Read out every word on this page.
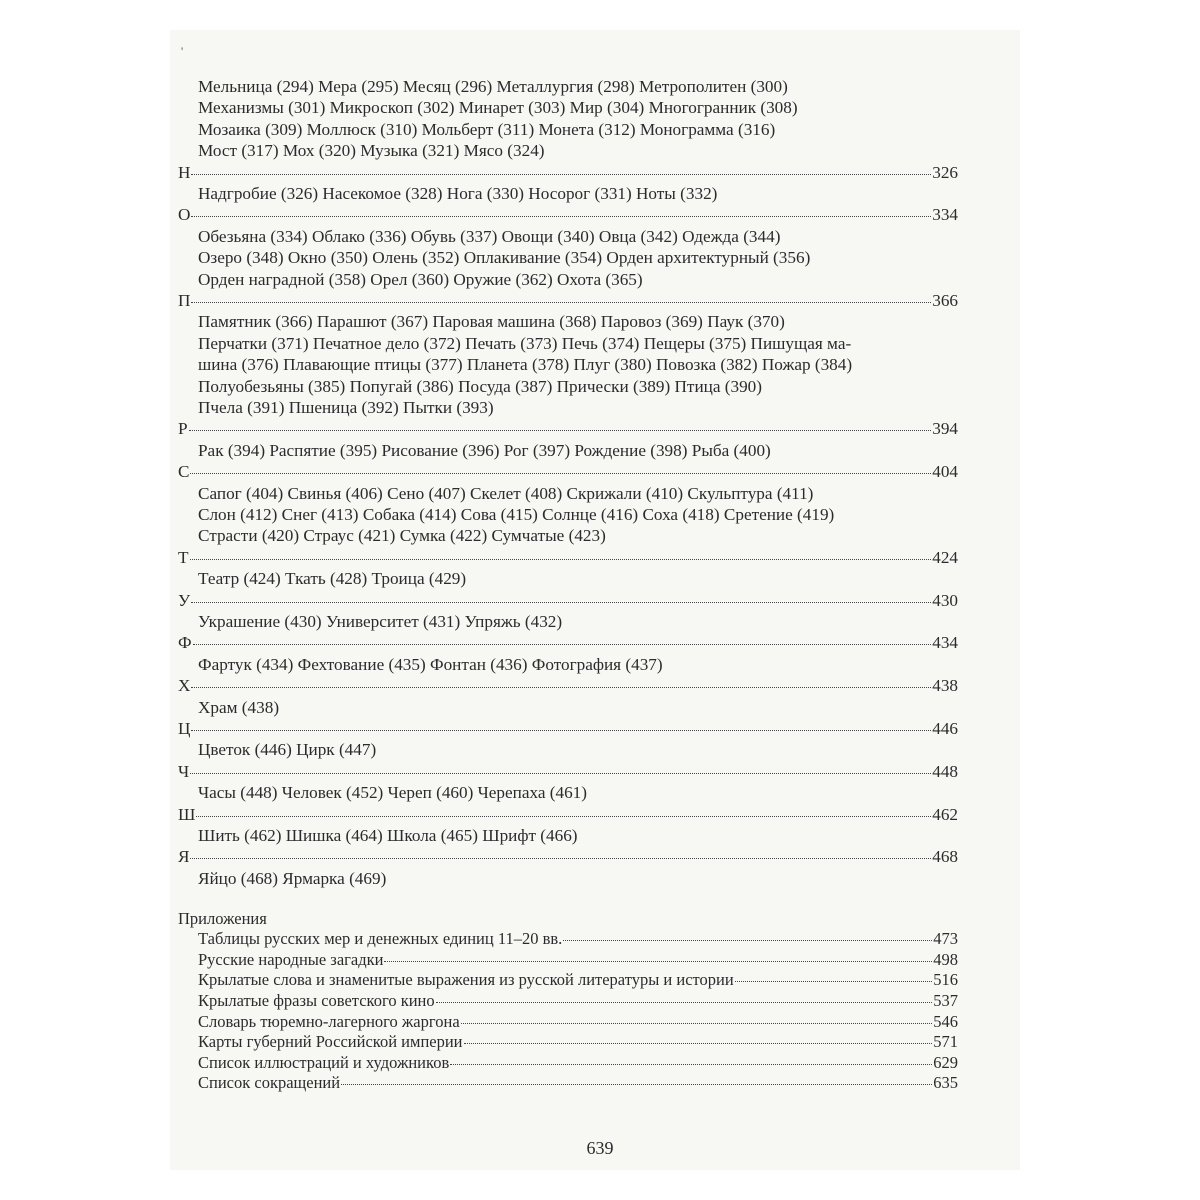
'
Мельница (294) Мера (295) Месяц (296) Металлургия (298) Метрополитен (300)
Механизмы (301) Микроскоп (302) Минарет (303) Мир (304) Многогранник (308)
Мозаика (309) Моллюск (310) Мольберт (311) Монета (312) Монограмма (316)
Мост (317) Мох (320) Музыка (321) Мясо (324)
Н	326
Надгробие (326) Насекомое (328) Нога (330) Носорог (331) Ноты (332)
О	334
Обезьяна (334) Облако (336) Обувь (337) Овощи (340) Овца (342) Одежда (344)
Озеро (348) Окно (350) Олень (352) Оплакивание (354) Орден архитектурный (356)
Орден наградной (358) Орел (360) Оружие (362) Охота (365)
П	366
Памятник (366) Парашют (367) Паровая машина (368) Паровоз (369) Паук (370)
Перчатки (371) Печатное дело (372) Печать (373) Печь (374) Пещеры (375) Пишущая ма-
шина (376) Плавающие птицы (377) Планета (378) Плуг (380) Повозка (382) Пожар (384)
Полуобезьяны (385) Попугай (386) Посуда (387) Прически (389) Птица (390)
Пчела (391) Пшеница (392) Пытки (393)
Р	394
Рак (394) Распятие (395) Рисование (396) Рог (397) Рождение (398) Рыба (400)
С	404
Сапог (404) Свинья (406) Сено (407) Скелет (408) Скрижали (410) Скульптура (411)
Слон (412) Снег (413) Собака (414) Сова (415) Солнце (416) Соха (418) Сретение (419)
Страсти (420) Страус (421) Сумка (422) Сумчатые (423)
Т	424
Театр (424) Ткать (428) Троица (429)
У	430
Украшение (430) Университет (431) Упряжь (432)
Ф	434
Фартук (434) Фехтование (435) Фонтан (436) Фотография (437)
Х	438
Храм (438)
Ц	446
Цветок (446) Цирк (447)
Ч	448
Часы (448) Человек (452) Череп (460) Черепаха (461)
Ш	462
Шить (462) Шишка (464) Школа (465) Шрифт (466)
Я	468
Яйцо (468) Ярмарка (469)
Приложения
Таблицы русских мер и денежных единиц 11–20 вв.	473
Русские народные загадки	498
Крылатые слова и знаменитые выражения из русской литературы и истории	516
Крылатые фразы советского кино	537
Словарь тюремно-лагерного жаргона	546
Карты губерний Российской империи	571
Список иллюстраций и художников	629
Список сокращений	635
639
